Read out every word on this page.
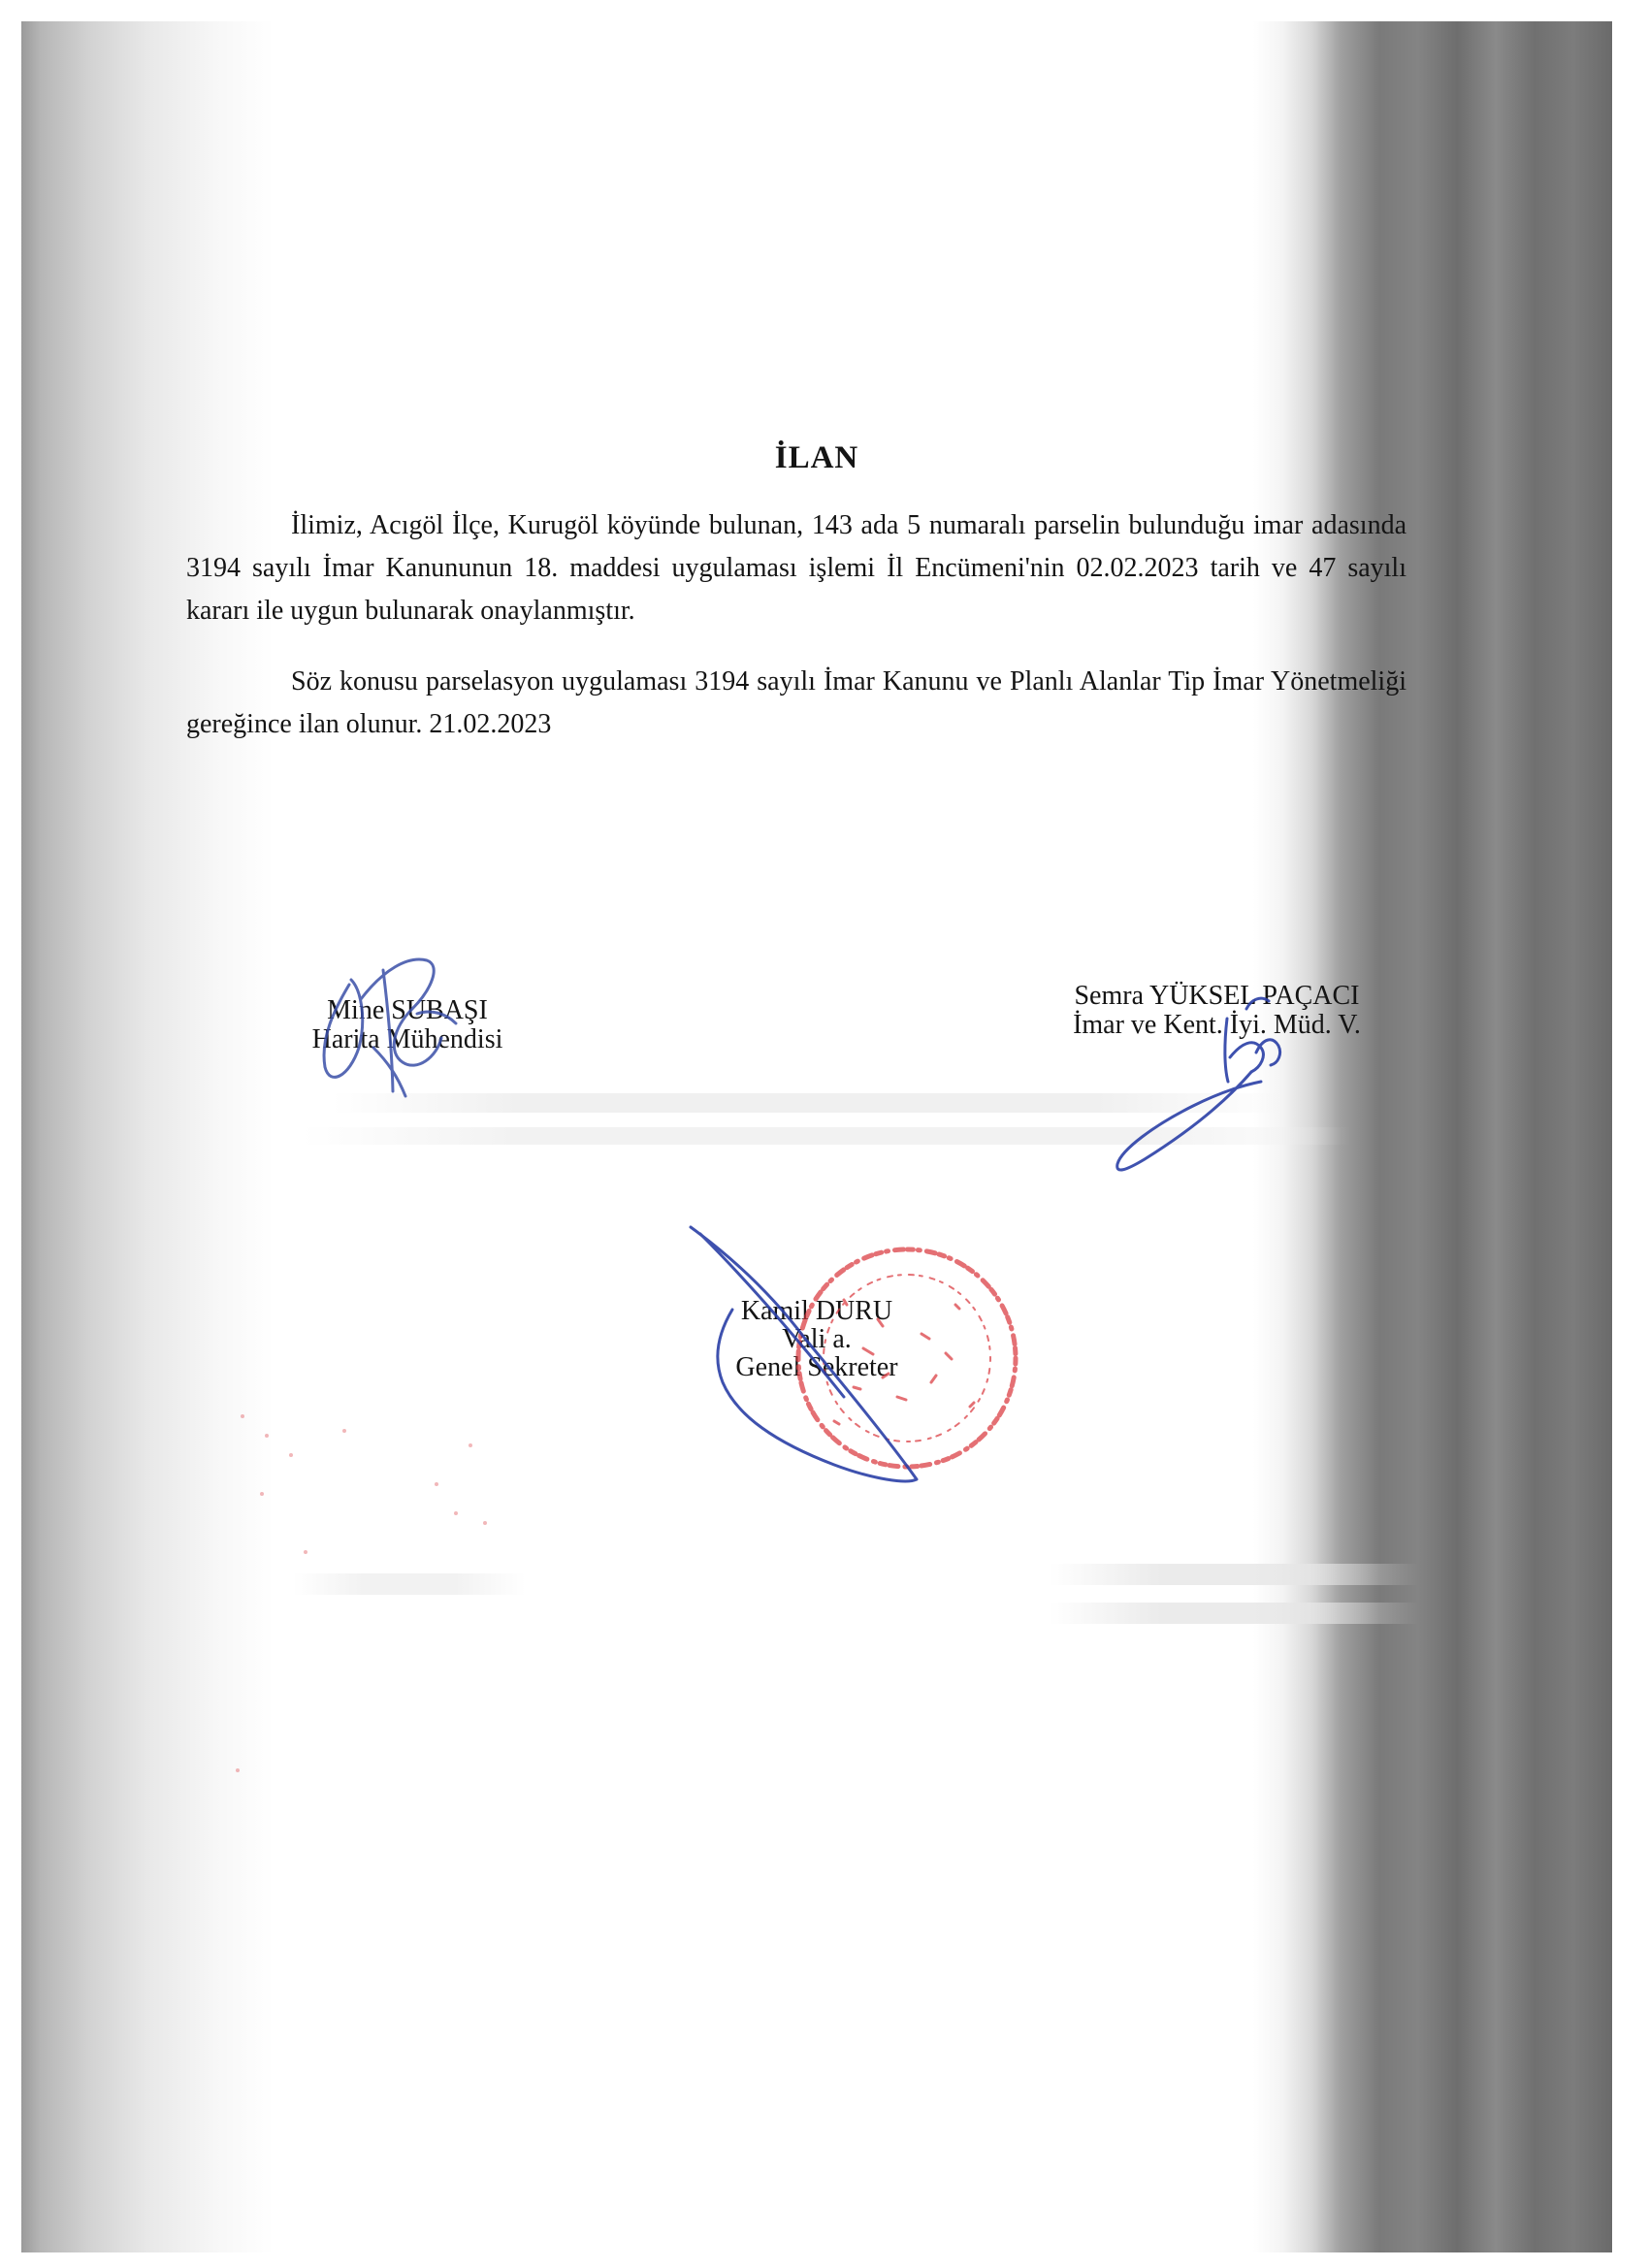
İLAN

İlimiz, Acıgöl İlçe, Kurugöl köyünde bulunan, 143 ada 5 numaralı parselin bulunduğu imar adasında 3194 sayılı İmar Kanununun 18. maddesi uygulaması işlemi İl Encümeni'nin 02.02.2023 tarih ve 47 sayılı kararı ile uygun bulunarak onaylanmıştır.

Söz konusu parselasyon uygulaması 3194 sayılı İmar Kanunu ve Planlı Alanlar Tip İmar Yönetmeliği gereğince ilan olunur. 21.02.2023

Mine SUBAŞI
Harita Mühendisi
Semra YÜKSEL PAÇACI
İmar ve Kent. İyi. Müd. V.
Kamil DURU
Vali a.
Genel Sekreter
